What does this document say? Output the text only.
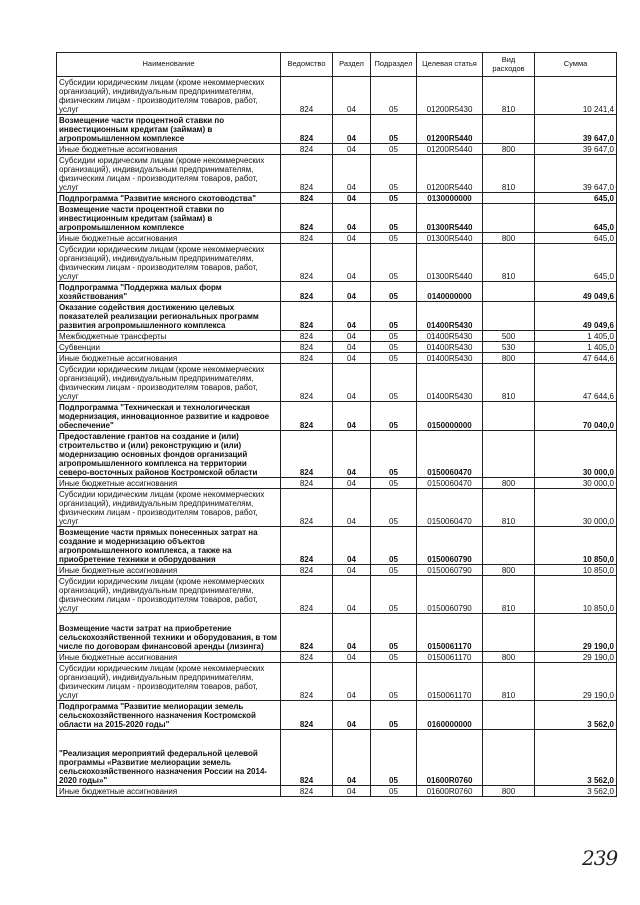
Наименование	Ведомство	Раздел	Подраздел	Целевая статья	Вид расходов	Сумма
Субсидии юридическим лицам (кроме некоммерческих организаций), индивидуальным предпринимателям, физическим лицам - производителям товаров, работ, услуг	824	04	05	01200R5430	810	10 241,4
Возмещение части процентной ставки по инвестиционным кредитам (займам) в агропромышленном комплексе	824	04	05	01200R5440		39 647,0
Иные бюджетные ассигнования	824	04	05	01200R5440	800	39 647,0
Субсидии юридическим лицам (кроме некоммерческих организаций), индивидуальным предпринимателям, физическим лицам - производителям товаров, работ, услуг	824	04	05	01200R5440	810	39 647,0
Подпрограмма "Развитие мясного скотоводства"	824	04	05	0130000000		645,0
Возмещение части процентной ставки по инвестиционным кредитам (займам) в агропромышленном комплексе	824	04	05	01300R5440		645,0
Иные бюджетные ассигнования	824	04	05	01300R5440	800	645,0
Субсидии юридическим лицам (кроме некоммерческих организаций), индивидуальным предпринимателям, физическим лицам - производителям товаров, работ, услуг	824	04	05	01300R5440	810	645,0
Подпрограмма "Поддержка малых форм хозяйствования"	824	04	05	0140000000		49 049,6
Оказание содействия достижению целевых показателей реализации региональных программ развития агропромышленного комплекса	824	04	05	01400R5430		49 049,6
Межбюджетные трансферты	824	04	05	01400R5430	500	1 405,0
Субвенции	824	04	05	01400R5430	530	1 405,0
Иные бюджетные ассигнования	824	04	05	01400R5430	800	47 644,6
Субсидии юридическим лицам (кроме некоммерческих организаций), индивидуальным предпринимателям, физическим лицам - производителям товаров, работ, услуг	824	04	05	01400R5430	810	47 644,6
Подпрограмма "Техническая и технологическая модернизация, инновационное развитие и кадровое обеспечение"	824	04	05	0150000000		70 040,0
Предоставление грантов на создание и (или) строительство и (или) реконструкцию и (или) модернизацию основных фондов организаций агропромышленного комплекса на территории северо-восточных районов Костромской области	824	04	05	0150060470		30 000,0
Иные бюджетные ассигнования	824	04	05	0150060470	800	30 000,0
Субсидии юридическим лицам (кроме некоммерческих организаций), индивидуальным предпринимателям, физическим лицам - производителям товаров, работ, услуг	824	04	05	0150060470	810	30 000,0
Возмещение части прямых понесенных затрат на создание и модернизацию объектов агропромышленного комплекса, а также на приобретение техники и оборудования	824	04	05	0150060790		10 850,0
Иные бюджетные ассигнования	824	04	05	0150060790	800	10 850,0
Субсидии юридическим лицам (кроме некоммерческих организаций), индивидуальным предпринимателям, физическим лицам - производителям товаров, работ, услуг	824	04	05	0150060790	810	10 850,0
Возмещение части затрат на приобретение сельскохозяйственной техники и оборудования, в том числе по договорам финансовой аренды (лизинга)	824	04	05	0150061170		29 190,0
Иные бюджетные ассигнования	824	04	05	0150061170	800	29 190,0
Субсидии юридическим лицам (кроме некоммерческих организаций), индивидуальным предпринимателям, физическим лицам - производителям товаров, работ, услуг	824	04	05	0150061170	810	29 190,0
Подпрограмма "Развитие мелиорации земель сельскохозяйственного назначения Костромской области на 2015-2020 годы"	824	04	05	0160000000		3 562,0
"Реализация мероприятий федеральной целевой программы «Развитие мелиорации земель сельскохозяйственного назначения России на 2014-2020 годы»"	824	04	05	01600R0760		3 562,0
Иные бюджетные ассигнования	824	04	05	01600R0760	800	3 562,0
239
